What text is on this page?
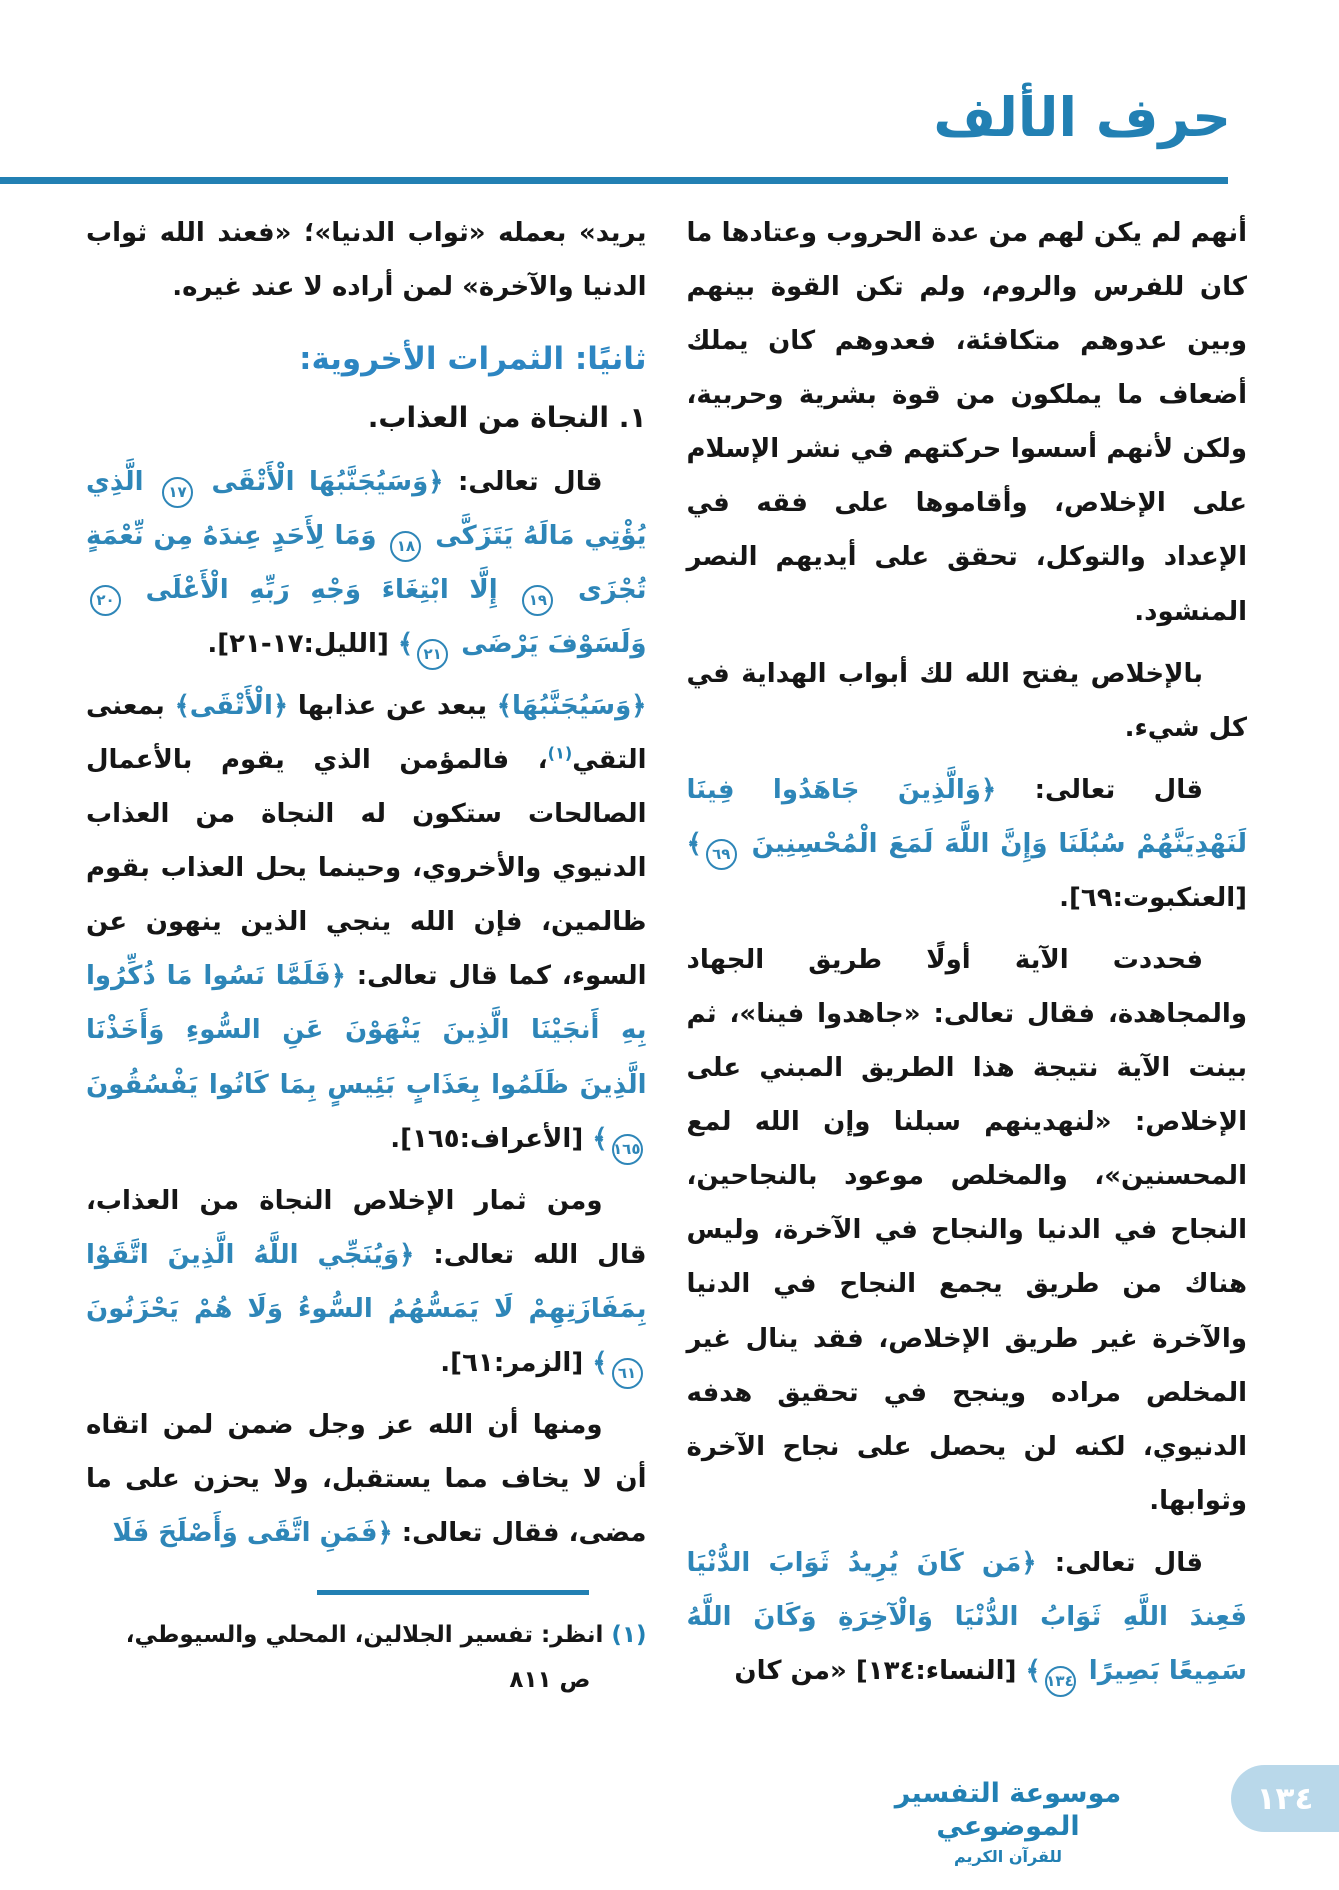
حرف الألف

أنهم لم يكن لهم من عدة الحروب وعتادها ما كان للفرس والروم، ولم تكن القوة بينهم وبين عدوهم متكافئة، فعدوهم كان يملك أضعاف ما يملكون من قوة بشرية وحربية، ولكن لأنهم أسسوا حركتهم في نشر الإسلام على الإخلاص، وأقاموها على فقه في الإعداد والتوكل، تحقق على أيديهم النصر المنشود.

بالإخلاص يفتح الله لك أبواب الهداية في كل شيء.

قال تعالى: ﴿وَالَّذِينَ جَاهَدُوا فِينَا لَنَهْدِيَنَّهُمْ سُبُلَنَا وَإِنَّ اللَّهَ لَمَعَ الْمُحْسِنِينَ ٦٩﴾ [العنكبوت:٦٩].

فحددت الآية أولًا طريق الجهاد والمجاهدة، فقال تعالى: «جاهدوا فينا»، ثم بينت الآية نتيجة هذا الطريق المبني على الإخلاص: «لنهدينهم سبلنا وإن الله لمع المحسنين»، والمخلص موعود بالنجاحين، النجاح في الدنيا والنجاح في الآخرة، وليس هناك من طريق يجمع النجاح في الدنيا والآخرة غير طريق الإخلاص، فقد ينال غير المخلص مراده وينجح في تحقيق هدفه الدنيوي، لكنه لن يحصل على نجاح الآخرة وثوابها.

قال تعالى: ﴿مَن كَانَ يُرِيدُ ثَوَابَ الدُّنْيَا فَعِندَ اللَّهِ ثَوَابُ الدُّنْيَا وَالْآخِرَةِ وَكَانَ اللَّهُ سَمِيعًا بَصِيرًا ١٣٤﴾ [النساء:١٣٤] «من كان

يريد» بعمله «ثواب الدنيا»؛ «فعند الله ثواب الدنيا والآخرة» لمن أراده لا عند غيره.

ثانيًا: الثمرات الأخروية:

١. النجاة من العذاب.

قال تعالى: ﴿وَسَيُجَنَّبُهَا الْأَتْقَى ١٧ الَّذِي يُؤْتِي مَالَهُ يَتَزَكَّى ١٨ وَمَا لِأَحَدٍ عِندَهُ مِن نِّعْمَةٍ تُجْزَى ١٩ إِلَّا ابْتِغَاءَ وَجْهِ رَبِّهِ الْأَعْلَى ٢٠ وَلَسَوْفَ يَرْضَى ٢١﴾ [الليل:١٧-٢١].

﴿وَسَيُجَنَّبُهَا﴾ يبعد عن عذابها ﴿الْأَتْقَى﴾ بمعنى التقي$^{(١)}$، فالمؤمن الذي يقوم بالأعمال الصالحات ستكون له النجاة من العذاب الدنيوي والأخروي، وحينما يحل العذاب بقوم ظالمين، فإن الله ينجي الذين ينهون عن السوء، كما قال تعالى: ﴿فَلَمَّا نَسُوا مَا ذُكِّرُوا بِهِ أَنجَيْنَا الَّذِينَ يَنْهَوْنَ عَنِ السُّوءِ وَأَخَذْنَا الَّذِينَ ظَلَمُوا بِعَذَابٍ بَئِيسٍ بِمَا كَانُوا يَفْسُقُونَ ١٦٥﴾ [الأعراف:١٦٥].

ومن ثمار الإخلاص النجاة من العذاب، قال الله تعالى: ﴿وَيُنَجِّي اللَّهُ الَّذِينَ اتَّقَوْا بِمَفَازَتِهِمْ لَا يَمَسُّهُمُ السُّوءُ وَلَا هُمْ يَحْزَنُونَ ٦١﴾ [الزمر:٦١].

ومنها أن الله عز وجل ضمن لمن اتقاه أن لا يخاف مما يستقبل، ولا يحزن على ما مضى، فقال تعالى: ﴿فَمَنِ اتَّقَى وَأَصْلَحَ فَلَا

(١) انظر: تفسير الجلالين، المحلي والسيوطي،
ص ٨١١
موسوعة التفسير الموضوعي
للقرآن الكريم
١٣٤
